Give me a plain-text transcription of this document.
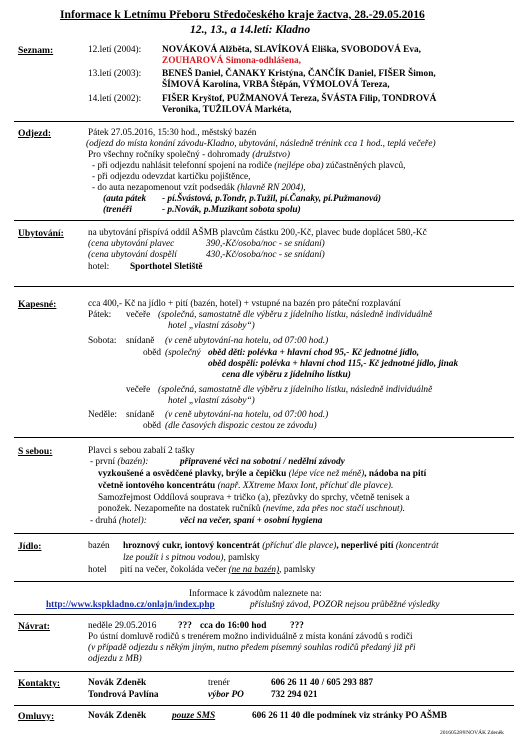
Informace k Letnímu Přeboru Středočeského kraje žactva, 28.-29.05.2016
12., 13., a 14.letí: Kladno
Seznam:	12.letí (2004): NOVÁKOVÁ Alžběta, SLAVÍKOVÁ Eliška, SVOBODOVÁ Eva,
ZOUHAROVÁ Simona-odhlášena,
13.letí (2003): BENEŠ Daniel, ČANAKY Kristýna, ČANČÍK Daniel, FIŠER Šimon,
ŠÍMOVÁ Karolína, VRBA Štěpán, VÝMOLOVÁ Tereza,
14.letí (2002): FIŠER Kryštof, PUŽMANOVÁ Tereza, ŠVÁSTA Filip, TONDROVÁ
Veronika, TUŽILOVÁ Markéta,
Odjezd:	Pátek 27.05.2016, 15:30 hod., městský bazén
(odjezd do místa konání závodu-Kladno, ubytování, následně trénink cca 1 hod., teplá večeře)
Pro všechny ročníky společný - dohromady (družstvo)
- při odjezdu nahlásit telefonní spojení na rodiče (nejlépe oba) zúčastněných plavců,
- při odjezdu odevzdat kartičku pojištěnce,
- do auta nezapomenout vzít podsedák (hlavně RN 2004),
(auta pátek - pí.Švástová, p.Tondr, p.Tužil, pí.Čanaky, pí.Pužmanová)
(trenéři	- p.Novák, p.Muzikant sobota spolu)
Ubytování:	na ubytování přispívá oddíl AŠMB plavcům částku 200,-Kč, plavec bude doplácet 580,-Kč
(cena ubytování plavec	390,-Kč/osoba/noc - se snídaní)
(cena ubytování dospělí	430,-Kč/osoba/noc - se snídaní)
hotel: Sporthotel Sletiště
Kapesné:	cca 400,- Kč na jídlo + pití (bazén, hotel) + vstupné na bazén pro páteční rozplavání
Pátek: večeře (společná, samostatně dle výběru z jídelního lístku, následně individuálně
hotel „vlastní zásoby“)
Sobota: snídaně (v ceně ubytování-na hotelu, od 07:00 hod.)
oběd (společný oběd děti: polévka + hlavní chod 95,- Kč jednotné jídlo,
oběd dospělí: polévka + hlavní chod 115,- Kč jednotné jídlo, jinak
cena dle výběru z jídelního lístku)
večeře (společná, samostatně dle výběru z jídelního lístku, následně individuálně
hotel „vlastní zásoby“)
Neděle: snídaně (v ceně ubytování-na hotelu, od 07:00 hod.)
oběd (dle časových dispozic cestou ze závodu)
S sebou:	Plavci s sebou zabalí 2 tašky
- první (bazén):	připravené věci na sobotní / nedělní závody
vyzkoušené a osvědčené plavky, brýle a čepičku (lépe více než méně), nádoba na pití
včetně iontového koncentrátu (např. XXtreme Maxx Iont, příchuť dle plavce).
Samozřejmost Oddílová souprava + tričko (a), přezůvky do sprchy, včetně tenisek a
ponožek. Nezapomeňte na dostatek ručníků (nevíme, zda přes noc stačí uschnout).
- druhá (hotel):	věci na večer, spaní + osobní hygiena
Jídlo:	bazén hroznový cukr, iontový koncentrát (příchuť dle plavce), neperlivé pití (koncentrát
lze použít i s pitnou vodou), pamlsky
hotel pití na večer, čokoláda večer (ne na bazén), pamlsky
Informace k závodům naleznete na:
http://www.kspkladno.cz/onlajn/index.php	příslušný závod, POZOR nejsou průběžné výsledky
Návrat:	neděle 29.05.2016 ??? cca do 16:00 hod	???
Po ústní domluvě rodičů s trenérem možno individuálně z místa konání závodů s rodiči
(v případě odjezdu s někým jiným, nutno předem písemný souhlas rodičů předaný již při
odjezdu z MB)
Kontakty:	Novák Zdeněk	trenér	606 26 11 40 / 605 293 887
Tondrová Pavlína	výbor PO	732 294 021
Omluvy:	Novák Zdeněk	pouze SMS	606 26 11 40 dle podmínek viz stránky PO AŠMB
20160528®NOVÁK Zdeněk
